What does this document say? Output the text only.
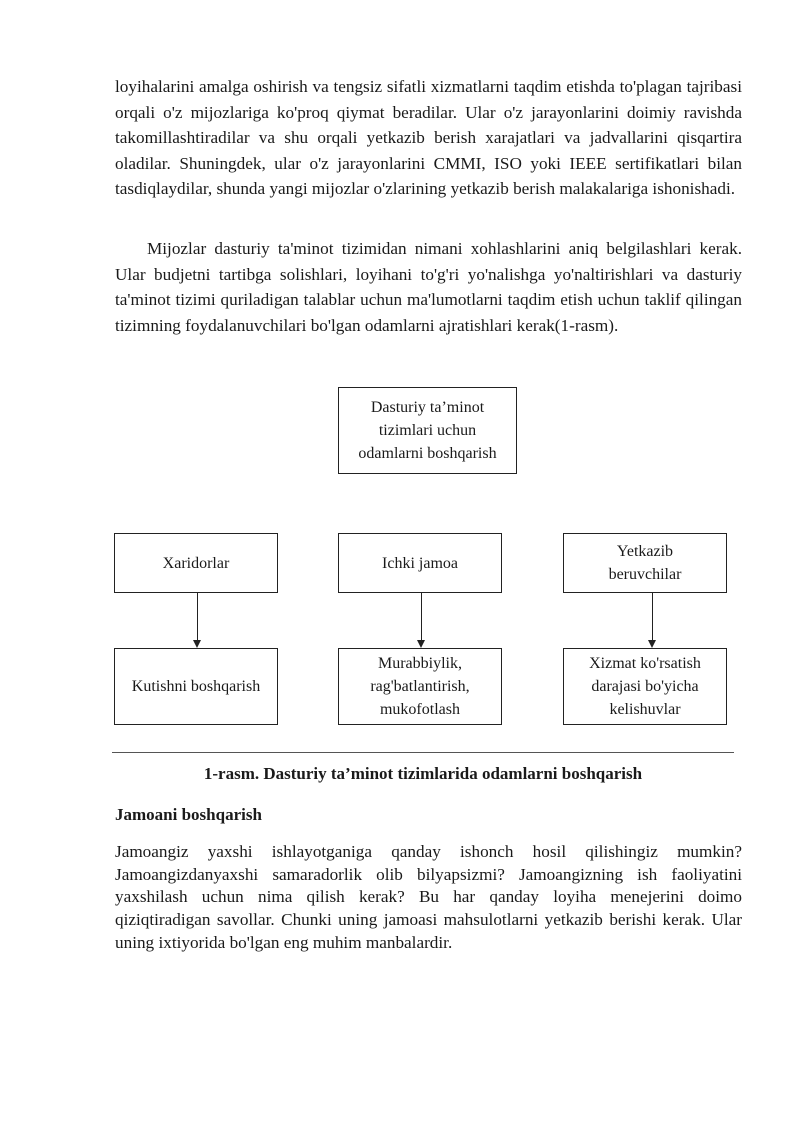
loyihalarini amalga oshirish va tengsiz sifatli xizmatlarni taqdim etishda to'plagan tajribasi orqali o'z mijozlariga ko'proq qiymat beradilar. Ular o'z jarayonlarini doimiy ravishda takomillashtiradilar va shu orqali yetkazib berish xarajatlari va jadvallarini qisqartira oladilar. Shuningdek, ular o'z jarayonlarini CMMI, ISO yoki IEEE sertifikatlari bilan tasdiqlaydilar, shunda yangi mijozlar o'zlarining yetkazib berish malakalariga ishonishadi.

Mijozlar dasturiy ta'minot tizimidan nimani xohlashlarini aniq belgilashlari kerak. Ular budjetni tartibga solishlari, loyihani to'g'ri yo'nalishga yo'naltirishlari va dasturiy ta'minot tizimi quriladigan talablar uchun ma'lumotlarni taqdim etish uchun taklif qilingan tizimning foydalanuvchilari bo'lgan odamlarni ajratishlari kerak(1-rasm).

Dasturiy ta’minot
tizimlari uchun
odamlarni boshqarish
Xaridorlar	Ichki jamoa
Yetkazib
beruvchilar
Kutishni boshqarish
Murabbiylik,
rag'batlantirish,
mukofotlash
Xizmat ko'rsatish
darajasi bo'yicha
kelishuvlar
1-rasm. Dasturiy ta’minot tizimlarida odamlarni boshqarish
Jamoani boshqarish

Jamoangiz yaxshi ishlayotganiga qanday ishonch hosil qilishingiz mumkin? Jamoangizdanyaxshi samaradorlik olib bilyapsizmi? Jamoangizning ish faoliyatini yaxshilash uchun nima qilish kerak? Bu har qanday loyiha menejerini doimo qiziqtiradigan savollar. Chunki uning jamoasi mahsulotlarni yetkazib berishi kerak. Ular uning ixtiyorida bo'lgan eng muhim manbalardir.
